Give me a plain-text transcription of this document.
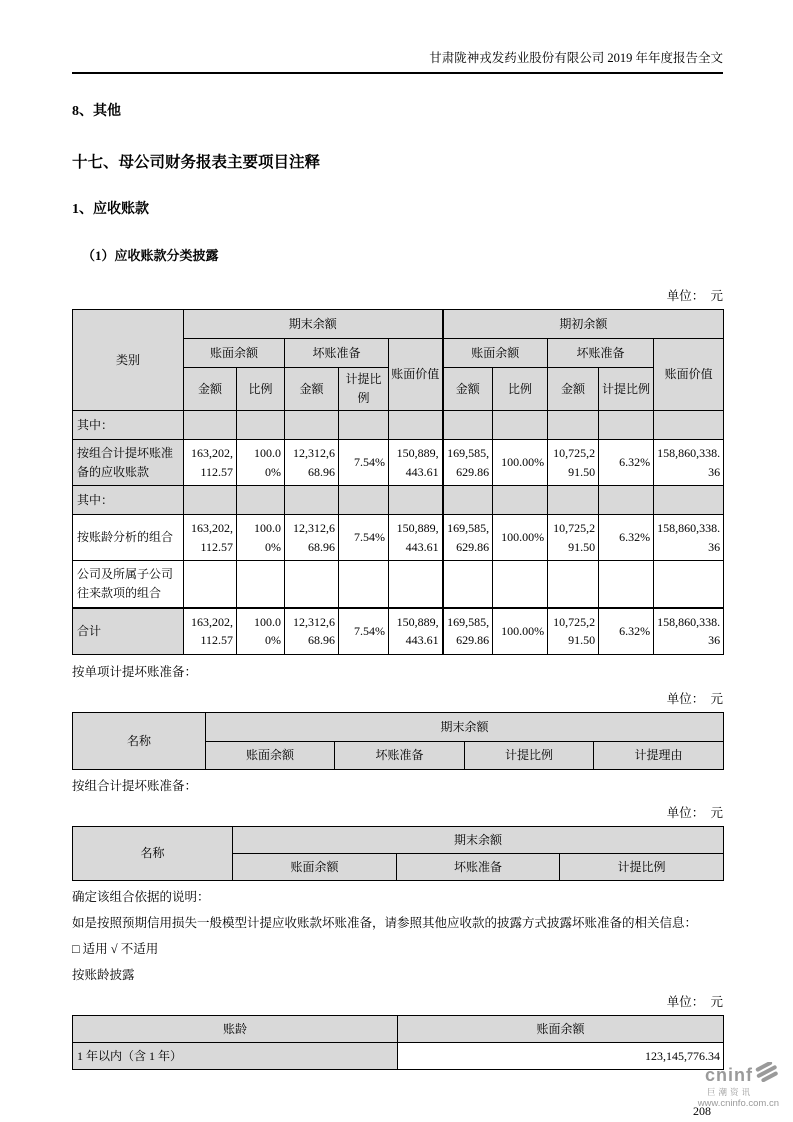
甘肃陇神戎发药业股份有限公司 2019 年年度报告全文
8、其他
十七、母公司财务报表主要项目注释
1、应收账款
（1）应收账款分类披露
单位：　元
类别	期末余额					期初余额				
	账面余额		坏账准备		账面价值	账面余额		坏账准备		账面价值
	金额	比例	金额	计提比例		金额	比例	金额	计提比例	
其中：										
按组合计提坏账准备的应收账款	163,202,112.57	100.00%	12,312,668.96	7.54%	150,889,443.61	169,585,629.86	100.00%	10,725,291.50	6.32%	158,860,338.36
其中：										
按账龄分析的组合	163,202,112.57	100.00%	12,312,668.96	7.54%	150,889,443.61	169,585,629.86	100.00%	10,725,291.50	6.32%	158,860,338.36
公司及所属子公司往来款项的组合										
合计	163,202,112.57	100.00%	12,312,668.96	7.54%	150,889,443.61	169,585,629.86	100.00%	10,725,291.50	6.32%	158,860,338.36
按单项计提坏账准备：
单位：　元
名称	期末余额			
	账面余额	坏账准备	计提比例	计提理由
按组合计提坏账准备：
单位：　元
名称	期末余额		
	账面余额	坏账准备	计提比例
确定该组合依据的说明：
如是按照预期信用损失一般模型计提应收账款坏账准备，请参照其他应收款的披露方式披露坏账准备的相关信息：
□ 适用 √ 不适用
按账龄披露
单位：　元
账龄	账面余额
1 年以内（含 1 年）	123,145,776.34
208
cninf
巨潮资讯
www.cninfo.com.cn
